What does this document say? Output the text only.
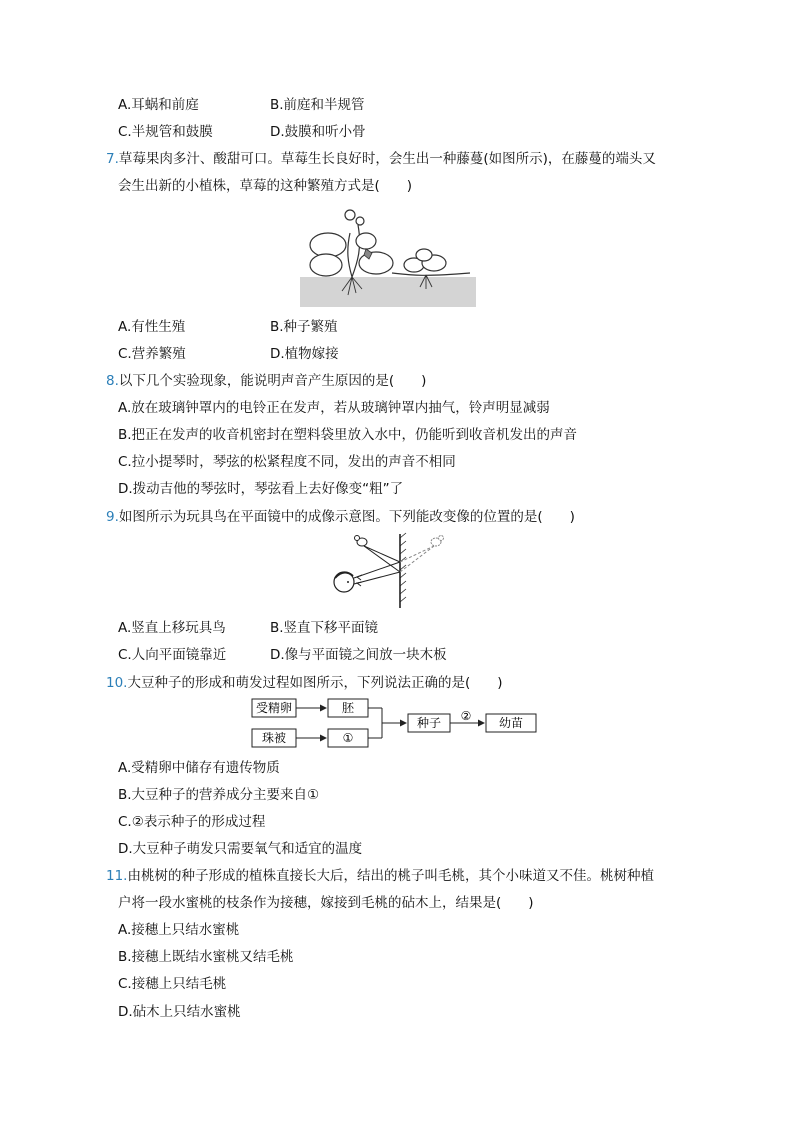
A.耳蜗和前庭	B.前庭和半规管
C.半规管和鼓膜	D.鼓膜和听小骨
7.草莓果肉多汁、酸甜可口。草莓生长良好时，会生出一种藤蔓(如图所示)，在藤蔓的端头又
会生出新的小植株，草莓的这种繁殖方式是(　　)
A.有性生殖	B.种子繁殖
C.营养繁殖	D.植物嫁接
8.以下几个实验现象，能说明声音产生原因的是(　　)
A.放在玻璃钟罩内的电铃正在发声，若从玻璃钟罩内抽气，铃声明显减弱
B.把正在发声的收音机密封在塑料袋里放入水中，仍能听到收音机发出的声音
C.拉小提琴时，琴弦的松紧程度不同，发出的声音不相同
D.拨动吉他的琴弦时，琴弦看上去好像变“粗”了
9.如图所示为玩具鸟在平面镜中的成像示意图。下列能改变像的位置的是(　　)
A.竖直上移玩具鸟	B.竖直下移平面镜
C.人向平面镜靠近	D.像与平面镜之间放一块木板
10.大豆种子的形成和萌发过程如图所示，下列说法正确的是(　　)
受精卵
珠被
胚
①
种子 ② 幼苗
A.受精卵中储存有遗传物质
B.大豆种子的营养成分主要来自①
C.②表示种子的形成过程
D.大豆种子萌发只需要氧气和适宜的温度
11.由桃树的种子形成的植株直接长大后，结出的桃子叫毛桃，其个小味道又不佳。桃树种植
户将一段水蜜桃的枝条作为接穗，嫁接到毛桃的砧木上，结果是(　　)
A.接穗上只结水蜜桃
B.接穗上既结水蜜桃又结毛桃
C.接穗上只结毛桃
D.砧木上只结水蜜桃
